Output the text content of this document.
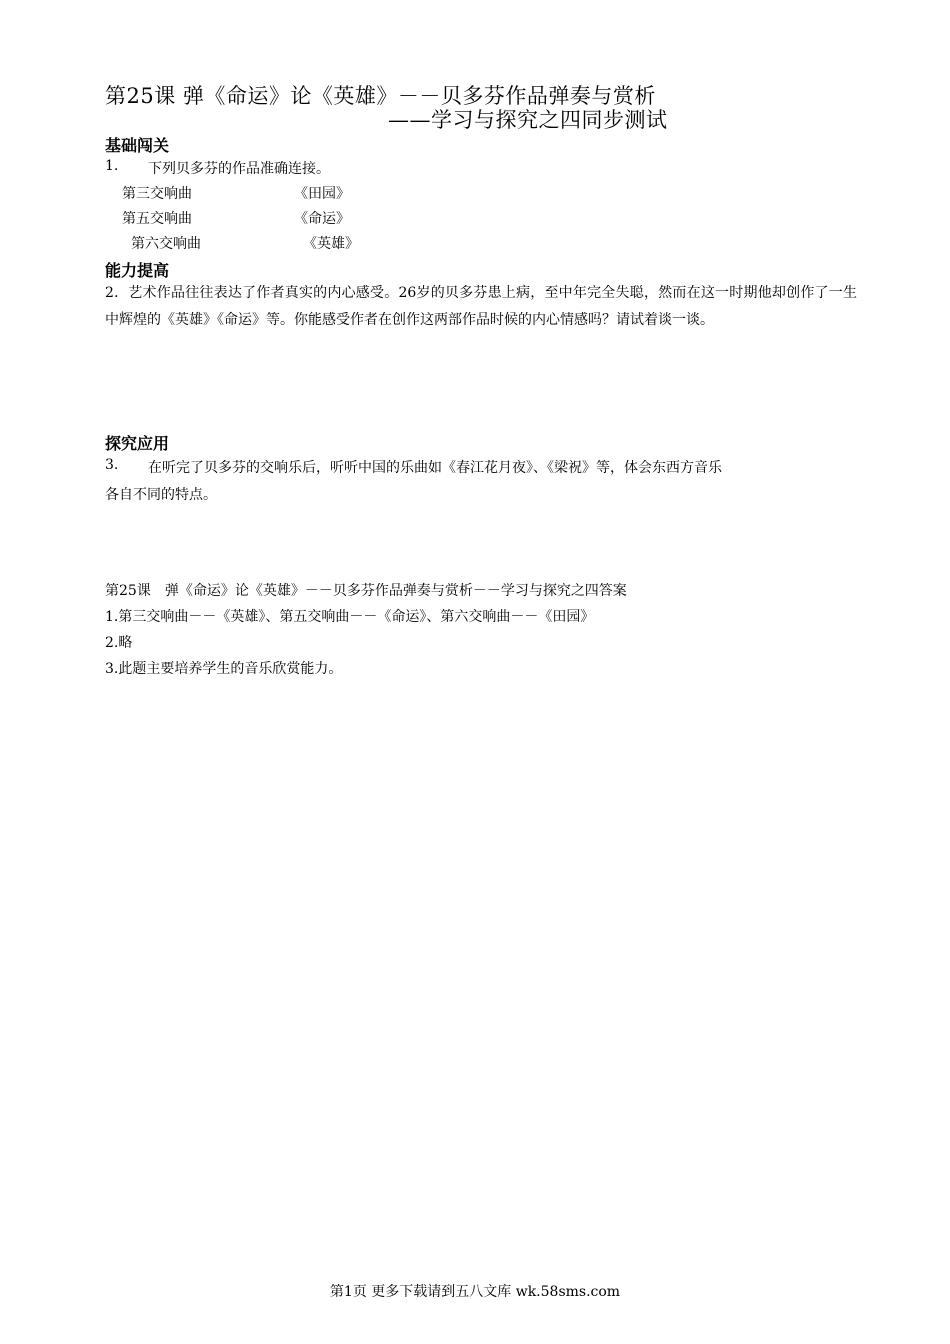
第25课 弹《命运》论《英雄》－－贝多芬作品弹奏与赏析
——学习与探究之四同步测试
基础闯关
1. 下列贝多芬的作品准确连接。
第三交响曲
第五交响曲
第六交响曲
《田园》
《命运》
《英雄》
能力提高
2．艺术作品往往表达了作者真实的内心感受。26岁的贝多芬患上病，至中年完全失聪，然而在这一时期他却创作了一生中辉煌的《英雄》《命运》等。你能感受作者在创作这两部作品时候的内心情感吗？请试着谈一谈。
探究应用
3. 在听完了贝多芬的交响乐后，听听中国的乐曲如《春江花月夜》、《梁祝》等，体会东西方音乐
各自不同的特点。
第25课　弹《命运》论《英雄》－－贝多芬作品弹奏与赏析－－学习与探究之四答案
1.第三交响曲－－《英雄》、第五交响曲－－《命运》、第六交响曲－－《田园》
2.略
3.此题主要培养学生的音乐欣赏能力。
第1页 更多下载请到五八文库 wk.58sms.com
